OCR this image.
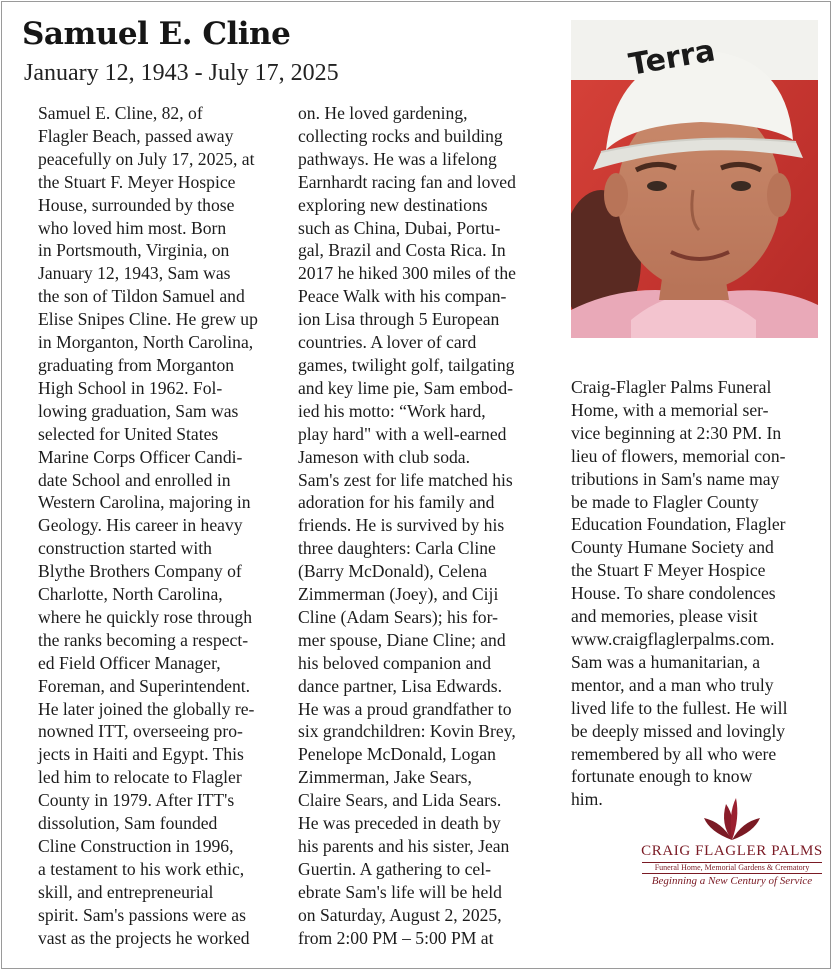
Samuel E. Cline
January 12, 1943 - July 17, 2025

Samuel E. Cline, 82, of
Flagler Beach, passed away
peacefully on July 17, 2025, at
the Stuart F. Meyer Hospice
House, surrounded by those
who loved him most. Born
in Portsmouth, Virginia, on
January 12, 1943, Sam was
the son of Tildon Samuel and
Elise Snipes Cline. He grew up
in Morganton, North Carolina,
graduating from Morganton
High School in 1962. Fol-
lowing graduation, Sam was
selected for United States
Marine Corps Officer Candi-
date School and enrolled in
Western Carolina, majoring in
Geology. His career in heavy
construction started with
Blythe Brothers Company of
Charlotte, North Carolina,
where he quickly rose through
the ranks becoming a respect-
ed Field Officer Manager,
Foreman, and Superintendent.
He later joined the globally re-
nowned ITT, overseeing pro-
jects in Haiti and Egypt. This
led him to relocate to Flagler
County in 1979. After ITT's
dissolution, Sam founded
Cline Construction in 1996,
a testament to his work ethic,
skill, and entrepreneurial
spirit. Sam's passions were as
vast as the projects he worked

on. He loved gardening,
collecting rocks and building
pathways. He was a lifelong
Earnhardt racing fan and loved
exploring new destinations
such as China, Dubai, Portu-
gal, Brazil and Costa Rica. In
2017 he hiked 300 miles of the
Peace Walk with his compan-
ion Lisa through 5 European
countries. A lover of card
games, twilight golf, tailgating
and key lime pie, Sam embod-
ied his motto: “Work hard,
play hard" with a well-earned
Jameson with club soda.
Sam's zest for life matched his
adoration for his family and
friends. He is survived by his
three daughters: Carla Cline
(Barry McDonald), Celena
Zimmerman (Joey), and Ciji
Cline (Adam Sears); his for-
mer spouse, Diane Cline; and
his beloved companion and
dance partner, Lisa Edwards.
He was a proud grandfather to
six grandchildren: Kovin Brey,
Penelope McDonald, Logan
Zimmerman, Jake Sears,
Claire Sears, and Lida Sears.
He was preceded in death by
his parents and his sister, Jean
Guertin. A gathering to cel-
ebrate Sam's life will be held
on Saturday, August 2, 2025,
from 2:00 PM – 5:00 PM at

Craig-Flagler Palms Funeral
Home, with a memorial ser-
vice beginning at 2:30 PM. In
lieu of flowers, memorial con-
tributions in Sam's name may
be made to Flagler County
Education Foundation, Flagler
County Humane Society and
the Stuart F Meyer Hospice
House. To share condolences
and memories, please visit
www.craigflaglerpalms.com.
Sam was a humanitarian, a
mentor, and a man who truly
lived life to the fullest. He will
be deeply missed and lovingly
remembered by all who were
fortunate enough to know
him.

Terra
CRAIG FLAGLER PALMS
Funeral Home, Memorial Gardens & Crematory
Beginning a New Century of Service
